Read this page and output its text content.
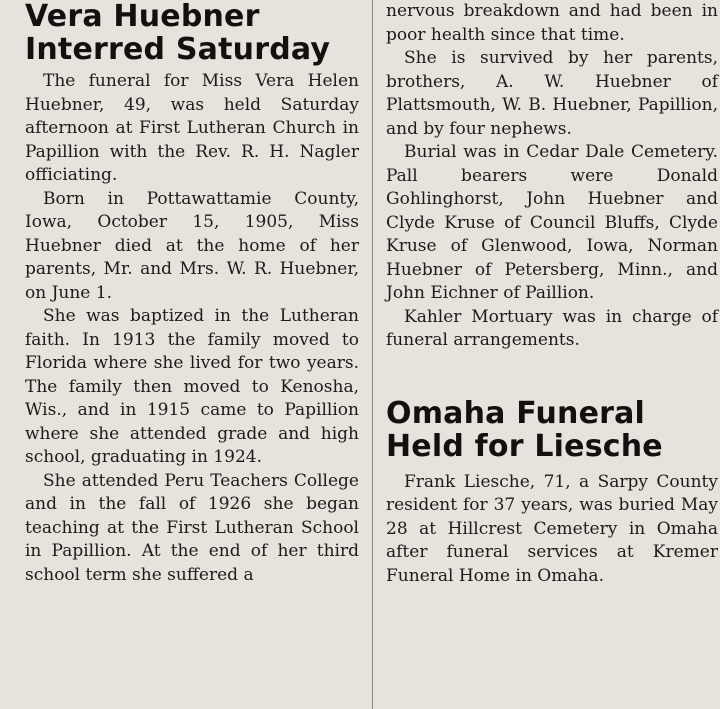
Vera Huebner
Interred Saturday

The funeral for Miss Vera Helen Huebner, 49, was held Saturday afternoon at First Lutheran Church in Papillion with the Rev. R. H. Nagler officiating.

Born in Pottawattamie County, Iowa, October 15, 1905, Miss Huebner died at the home of her parents, Mr. and Mrs. W. R. Huebner, on June 1.

She was baptized in the Lutheran faith. In 1913 the family moved to Florida where she lived for two years. The family then moved to Kenosha, Wis., and in 1915 came to Papillion where she attended grade and high school, graduating in 1924.

She attended Peru Teachers College and in the fall of 1926 she began teaching at the First Lutheran School in Papillion. At the end of her third school term she suffered a

nervous breakdown and had been in poor health since that time.

She is survived by her parents, brothers, A. W. Huebner of Plattsmouth, W. B. Huebner, Papillion, and by four nephews.

Burial was in Cedar Dale Cemetery. Pall bearers were Donald Gohlinghorst, John Huebner and Clyde Kruse of Council Bluffs, Clyde Kruse of Glenwood, Iowa, Norman Huebner of Petersberg, Minn., and John Eichner of Paillion.

Kahler Mortuary was in charge of funeral arrangements.

Omaha Funeral
Held for Liesche

Frank Liesche, 71, a Sarpy County resident for 37 years, was buried May 28 at Hillcrest Cemetery in Omaha after funeral services at Kremer Funeral Home in Omaha.
